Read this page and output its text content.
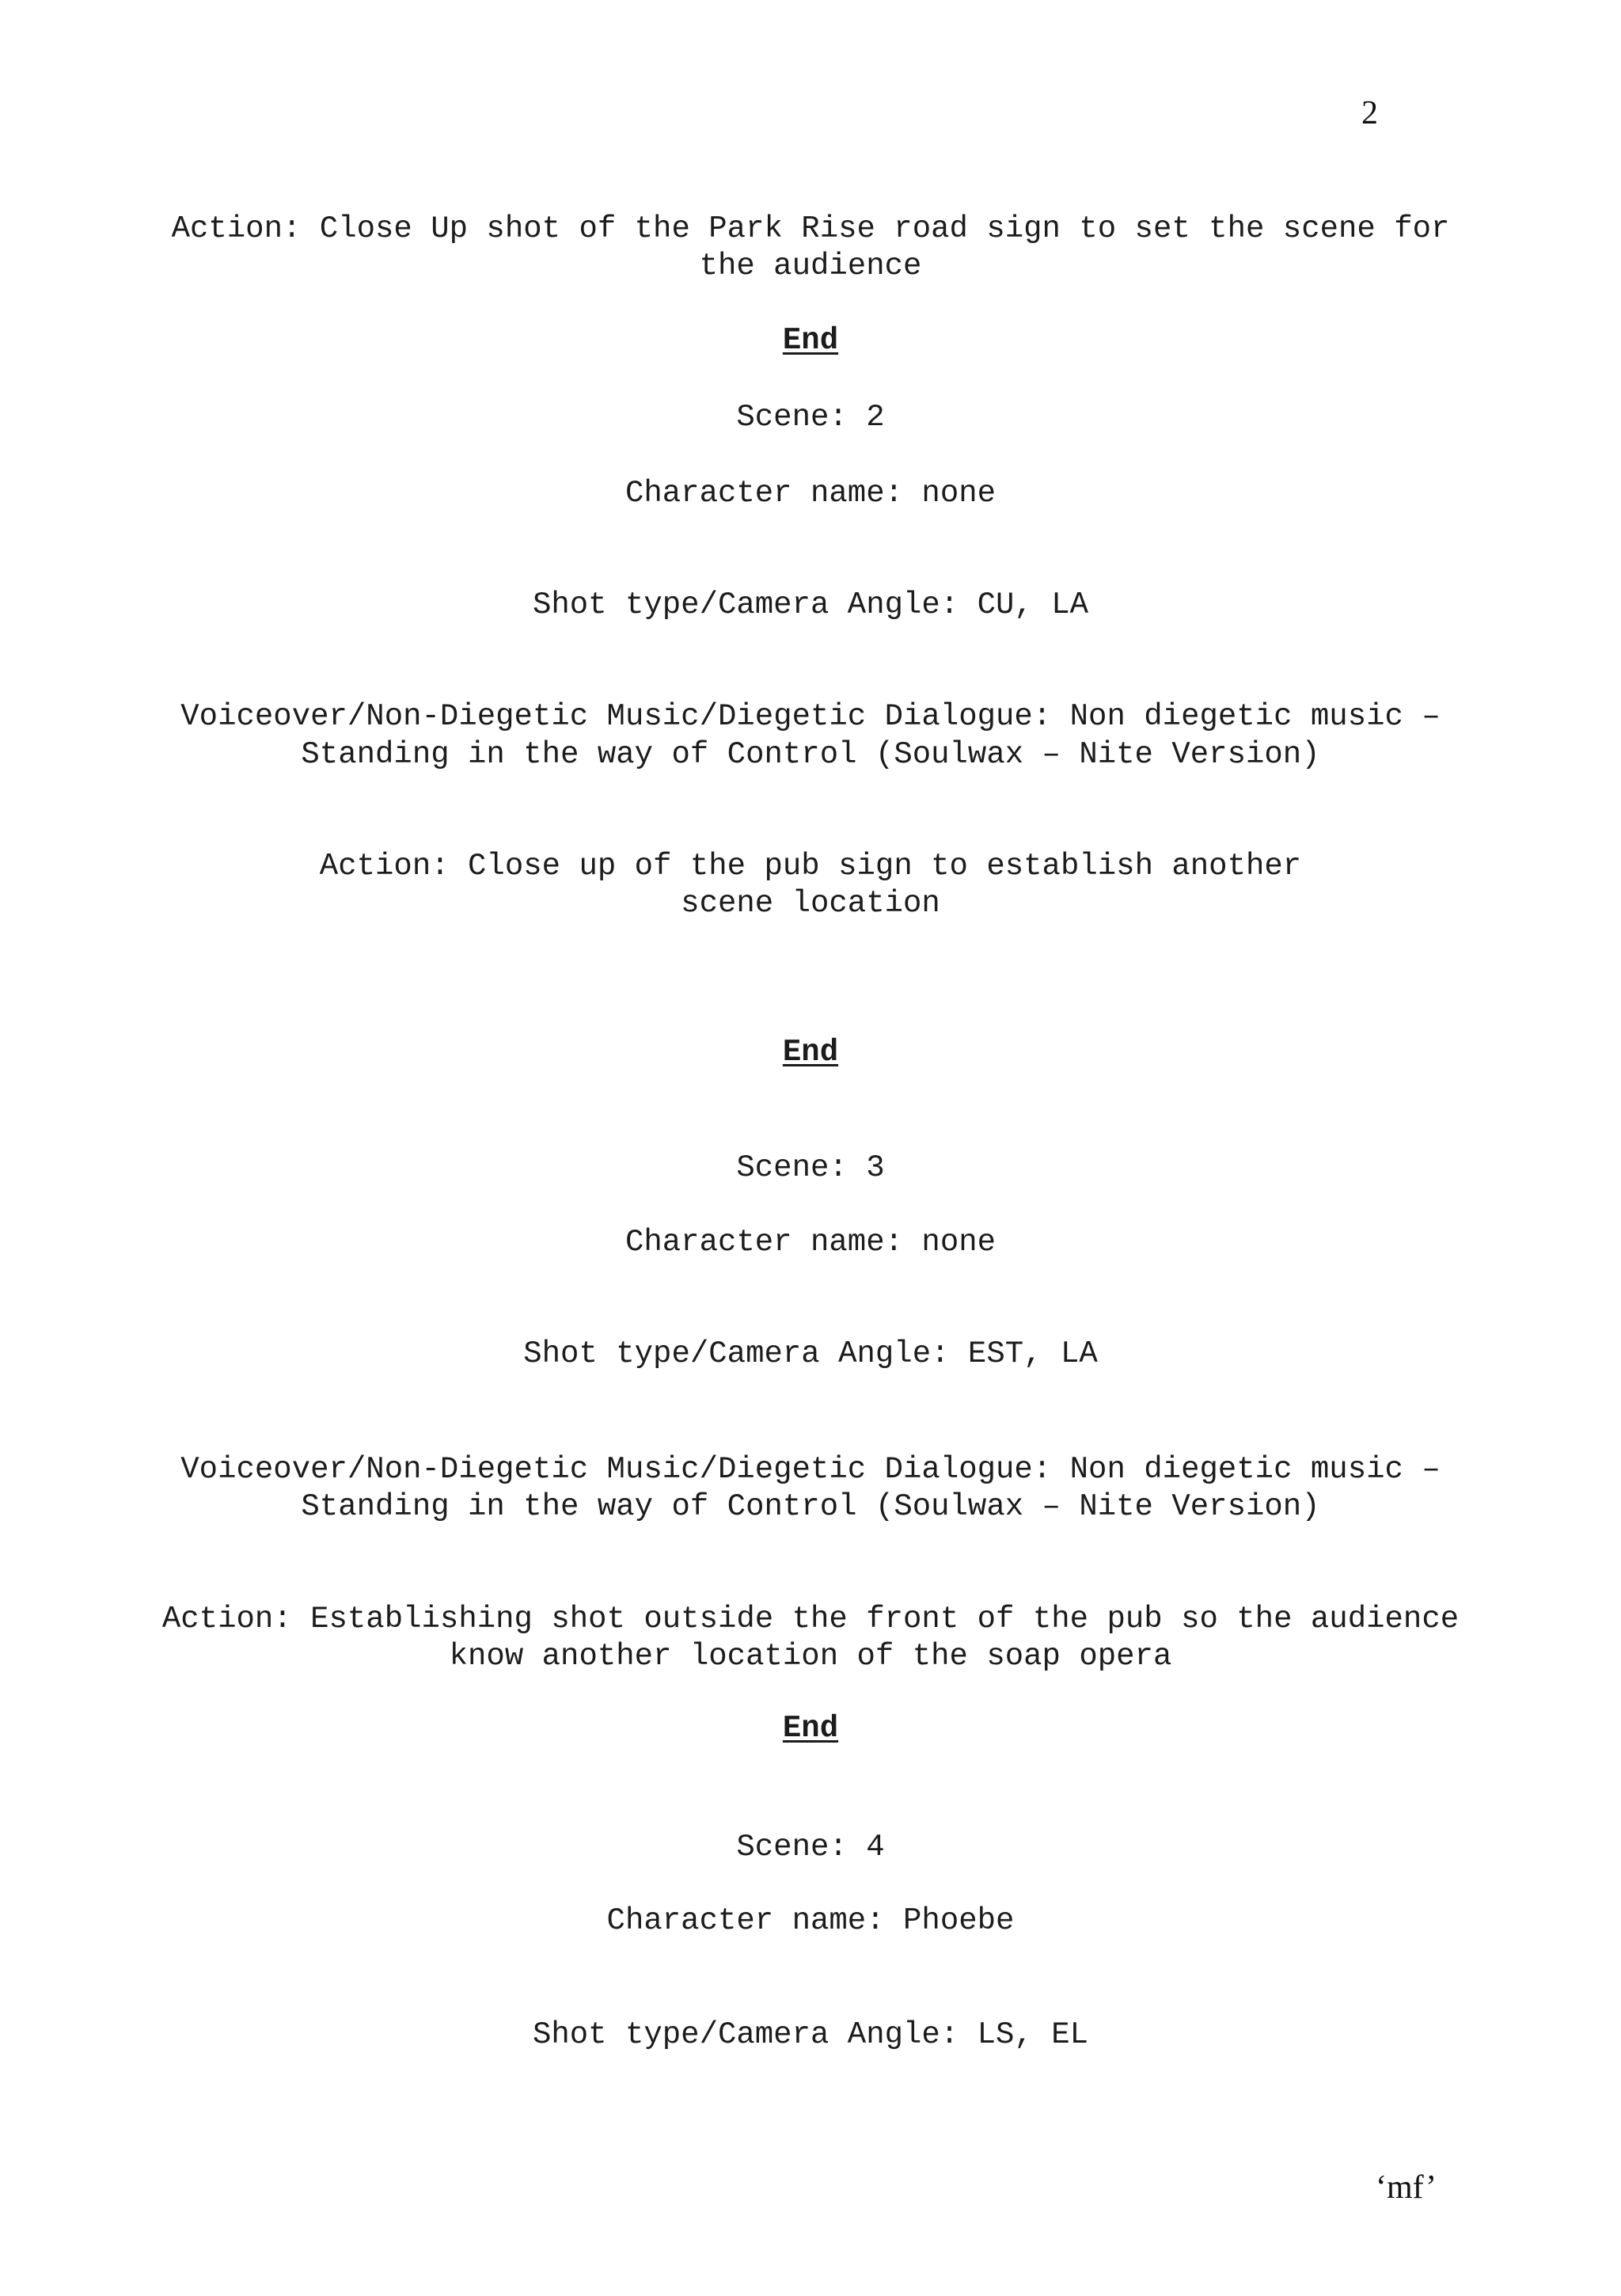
2
Action: Close Up shot of the Park Rise road sign to set the scene for
the audience
End
Scene: 2
Character name: none
Shot type/Camera Angle: CU, LA
Voiceover/Non-Diegetic Music/Diegetic Dialogue: Non diegetic music –
Standing in the way of Control (Soulwax – Nite Version)
Action: Close up of the pub sign to establish another
scene location
End
Scene: 3
Character name: none
Shot type/Camera Angle: EST, LA
Voiceover/Non-Diegetic Music/Diegetic Dialogue: Non diegetic music –
Standing in the way of Control (Soulwax – Nite Version)
Action: Establishing shot outside the front of the pub so the audience
know another location of the soap opera
End
Scene: 4
Character name: Phoebe
Shot type/Camera Angle: LS, EL
‘mf’
